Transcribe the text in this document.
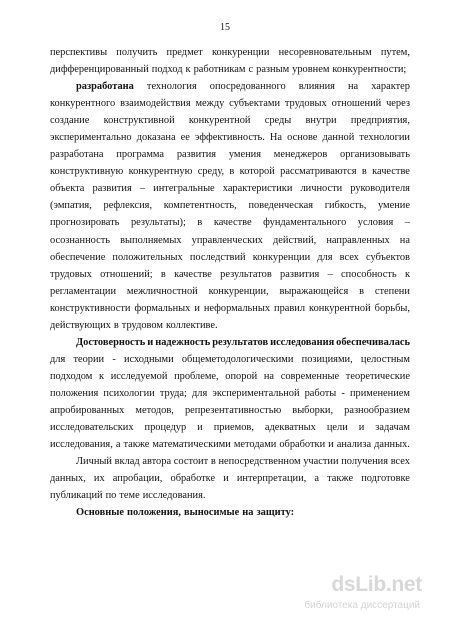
15
перспективы получить предмет конкуренции несоревновательным путем,
дифференцированный подход к работникам с разным уровнем конкурентности;
разработана технология опосредованного влияния на характер
конкурентного взаимодействия между субъектами трудовых отношений через
создание конструктивной конкурентной среды внутри предприятия,
экспериментально доказана ее эффективность. На основе данной технологии
разработана программа развития умения менеджеров организовывать
конструктивную конкурентную среду, в которой рассматриваются в качестве
объекта развития – интегральные характеристики личности руководителя
(эмпатия, рефлексия, компетентность, поведенческая гибкость, умение
прогнозировать результаты); в качестве фундаментального условия –
осознанность выполняемых управленческих действий, направленных на
обеспечение положительных последствий конкуренции для всех субъектов
трудовых отношений; в качестве результатов развития – способность к
регламентации межличностной конкуренции, выражающейся в степени
конструктивности формальных и неформальных правил конкурентной борьбы,
действующих в трудовом коллективе.
Достоверность и надежность результатов исследования обеспечивалась
для теории - исходными общеметодологическими позициями, целостным
подходом к исследуемой проблеме, опорой на современные теоретические
положения психологии труда; для экспериментальной работы - применением
апробированных методов, репрезентативностью выборки, разнообразием
исследовательских процедур и приемов, адекватных цели и задачам
исследования, а также математическими методами обработки и анализа данных.
Личный вклад автора состоит в непосредственном участии получения всех
данных, их апробации, обработке и интерпретации, а также подготовке
публикаций по теме исследования.
Основные положения, выносимые на защиту:
dsLib.net
библиотека диссертаций
